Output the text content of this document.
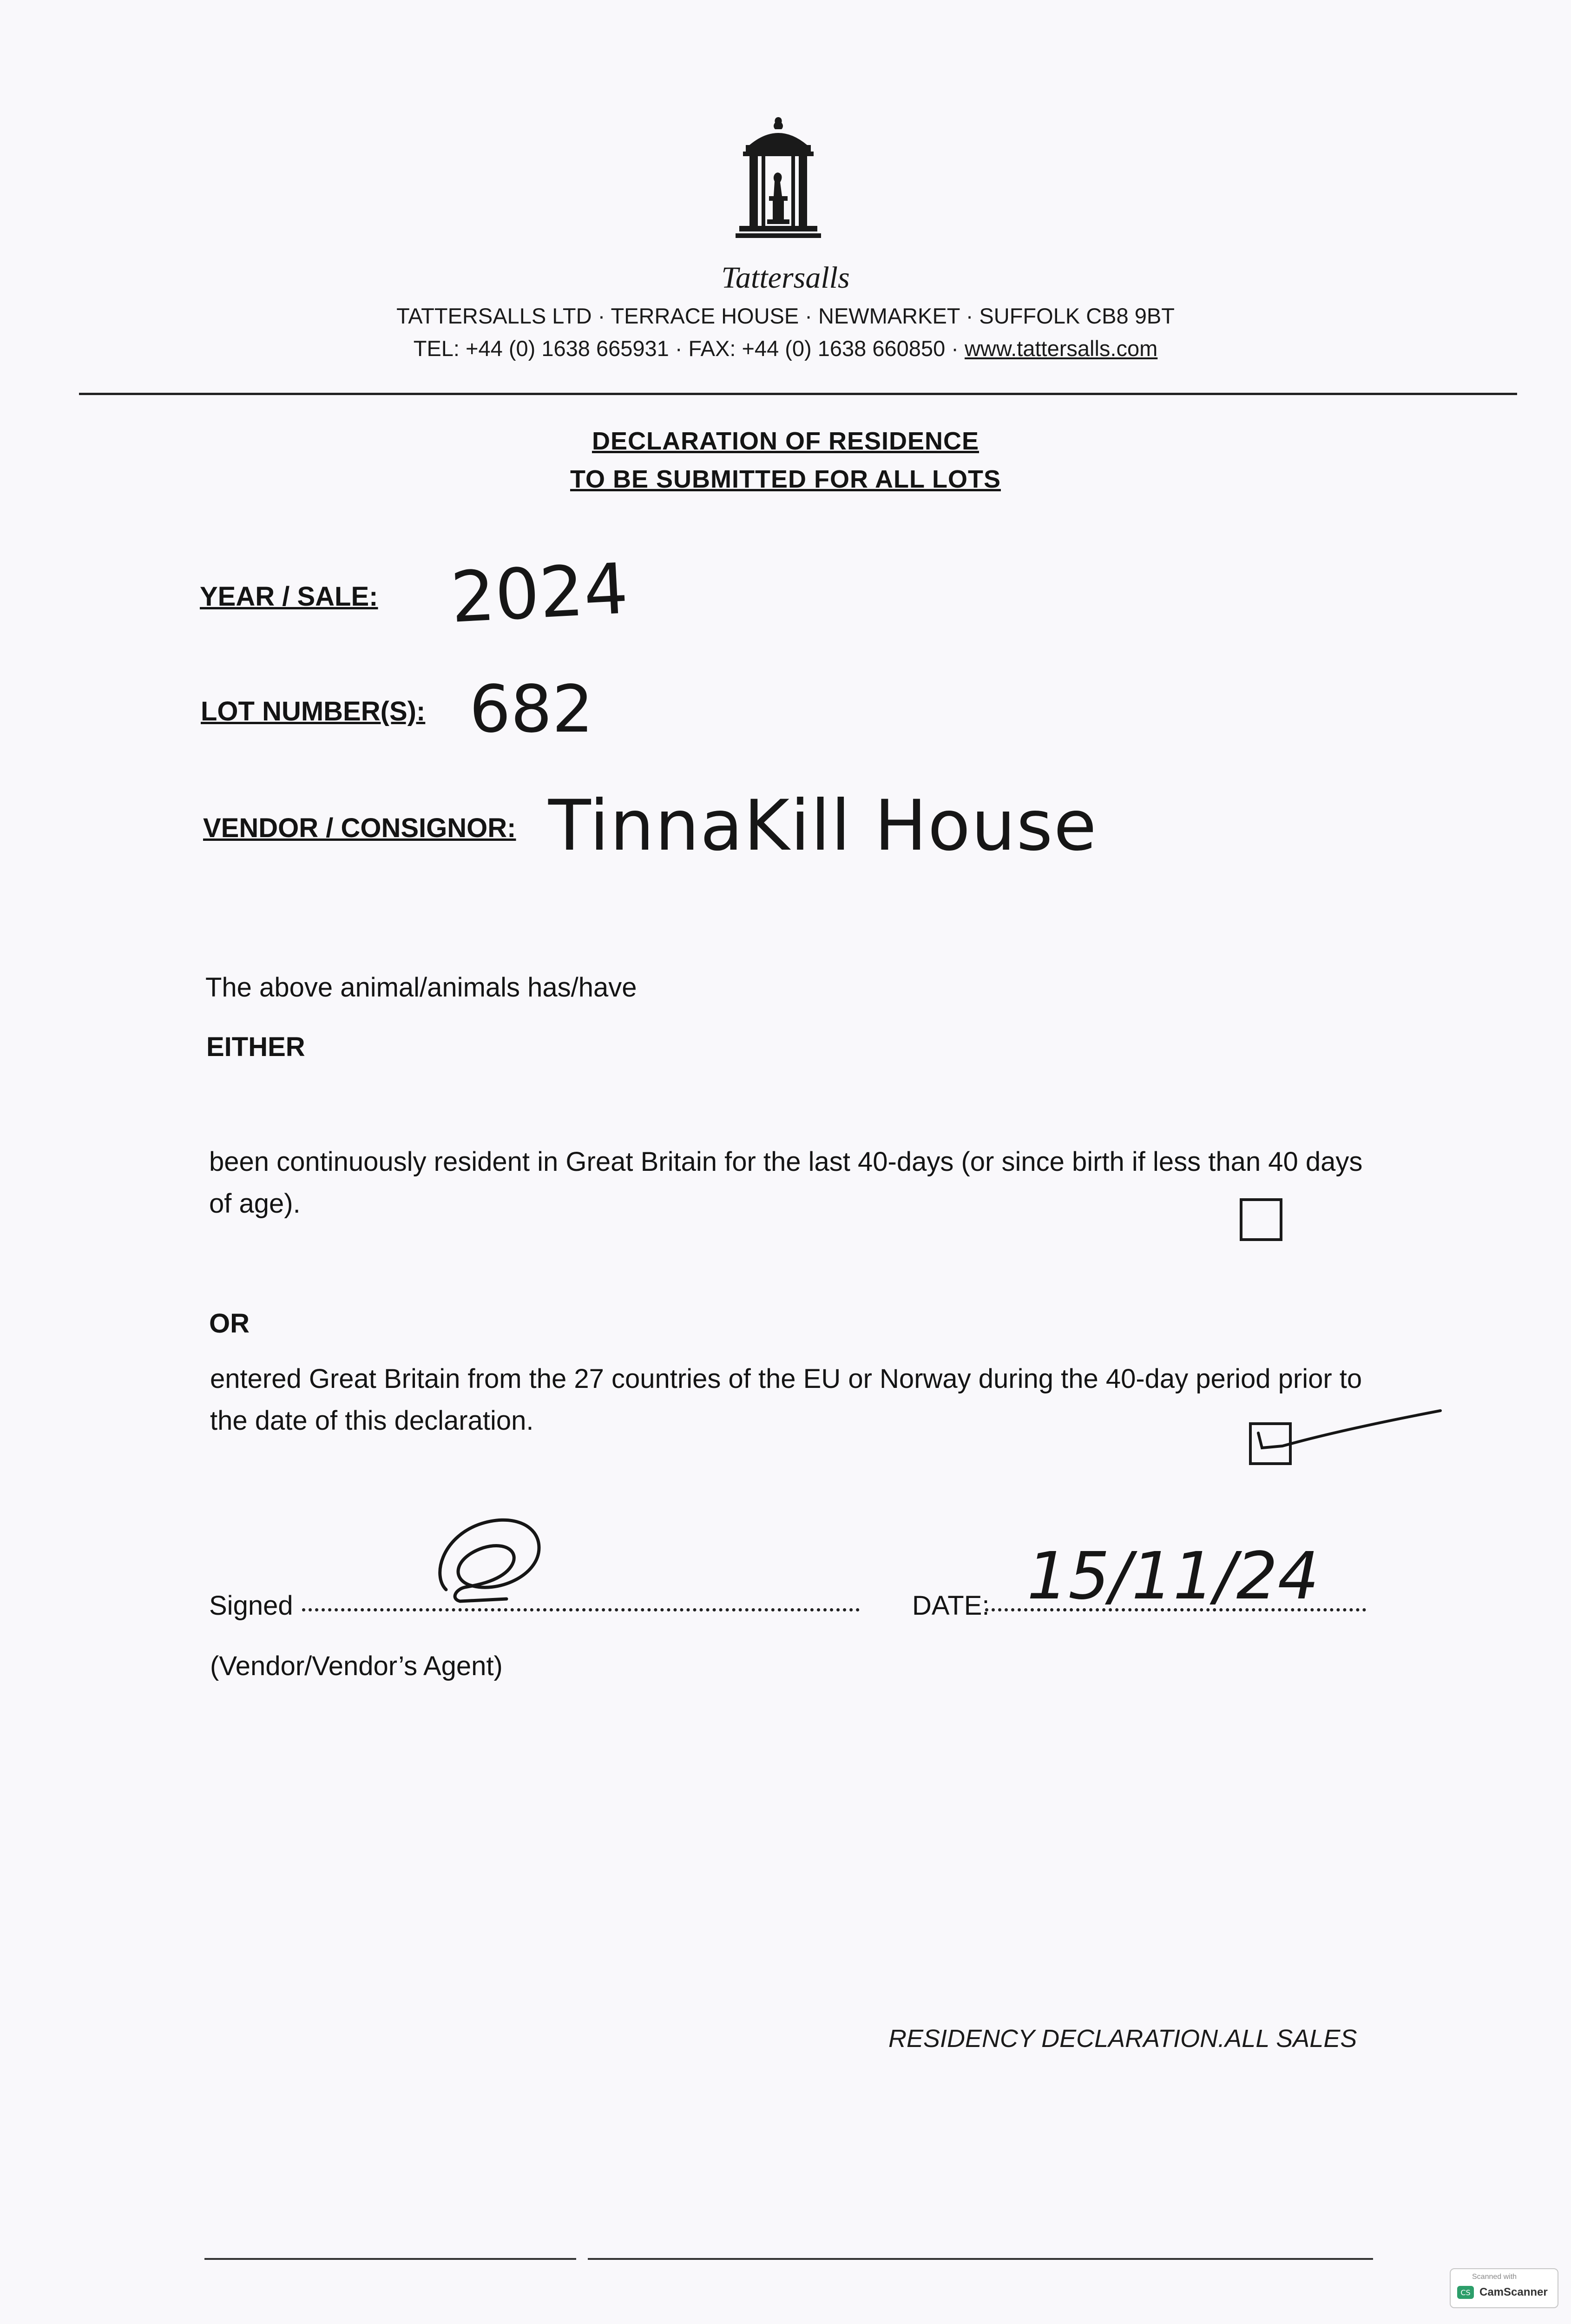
Tattersalls
TATTERSALLS LTD · TERRACE HOUSE · NEWMARKET · SUFFOLK CB8 9BT
TEL: +44 (0) 1638 665931 · FAX: +44 (0) 1638 660850 · www.tattersalls.com
DECLARATION OF RESIDENCE
TO BE SUBMITTED FOR ALL LOTS
YEAR / SALE: 2024
LOT NUMBER(S): 682
VENDOR / CONSIGNOR: TinnaKill House
The above animal/animals has/have
EITHER
been continuously resident in Great Britain for the last 40-days (or since birth if less than 40 days of age).
OR
entered Great Britain from the 27 countries of the EU or Norway during the 40-day period prior to the date of this declaration.
Signed	DATE: 15/11/24
(Vendor/Vendor’s Agent)
RESIDENCY DECLARATION.ALL SALES
Scanned with
CS CamScanner
